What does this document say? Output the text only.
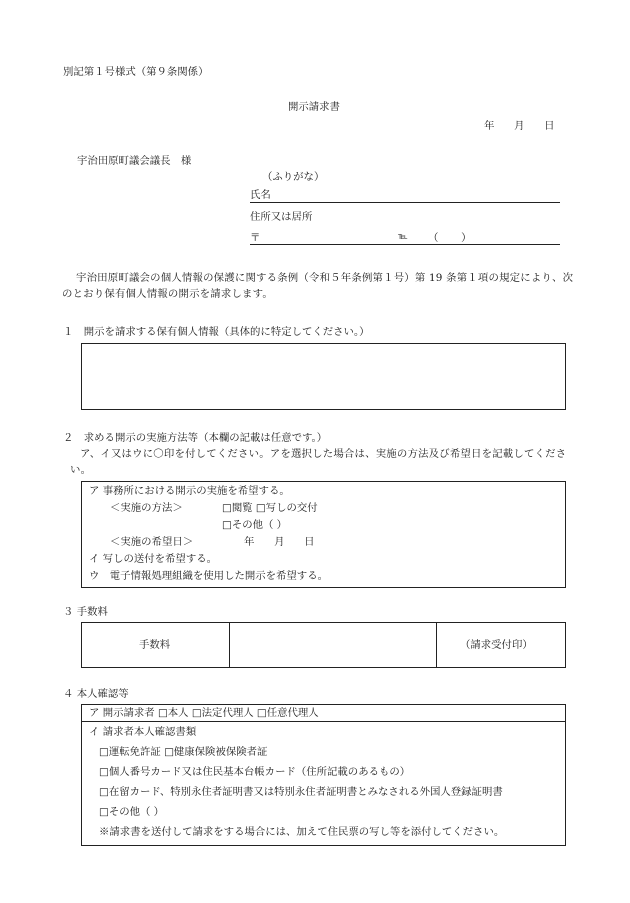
別記第１号様式（第９条関係）
開示請求書
年　 月　 日
宇治田原町議会議長　様
（ふりがな）
氏名
住所又は居所
〒	℡ （　 ）
宇治田原町議会の個人情報の保護に関する条例（令和５年条例第１号）第 19 条第１項の規定により、次のとおり保有個人情報の開示を請求します。
１　開示を請求する保有個人情報（具体的に特定してください。）
２　求める開示の実施方法等（本欄の記載は任意です。）
ア、イ又はウに〇印を付してください。アを選択した場合は、実施の方法及び希望日を記載してください。
ア 事務所における開示の実施を希望する。
＜実施の方法＞	□閲覧 □写しの交付
□その他（ ）
＜実施の希望日＞	年 　月　 日
イ 写しの送付を希望する。
ウ　電子情報処理組織を使用した開示を希望する。
３ 手数料
手数料	（請求受付印）
４ 本人確認等
ア 開示請求者 □本人 □法定代理人 □任意代理人
イ 請求者本人確認書類
□運転免許証 □健康保険被保険者証
□個人番号カード又は住民基本台帳カード（住所記載のあるもの）
□在留カード、特別永住者証明書又は特別永住者証明書とみなされる外国人登録証明書
□その他（ ）
※請求書を送付して請求をする場合には、加えて住民票の写し等を添付してください。
